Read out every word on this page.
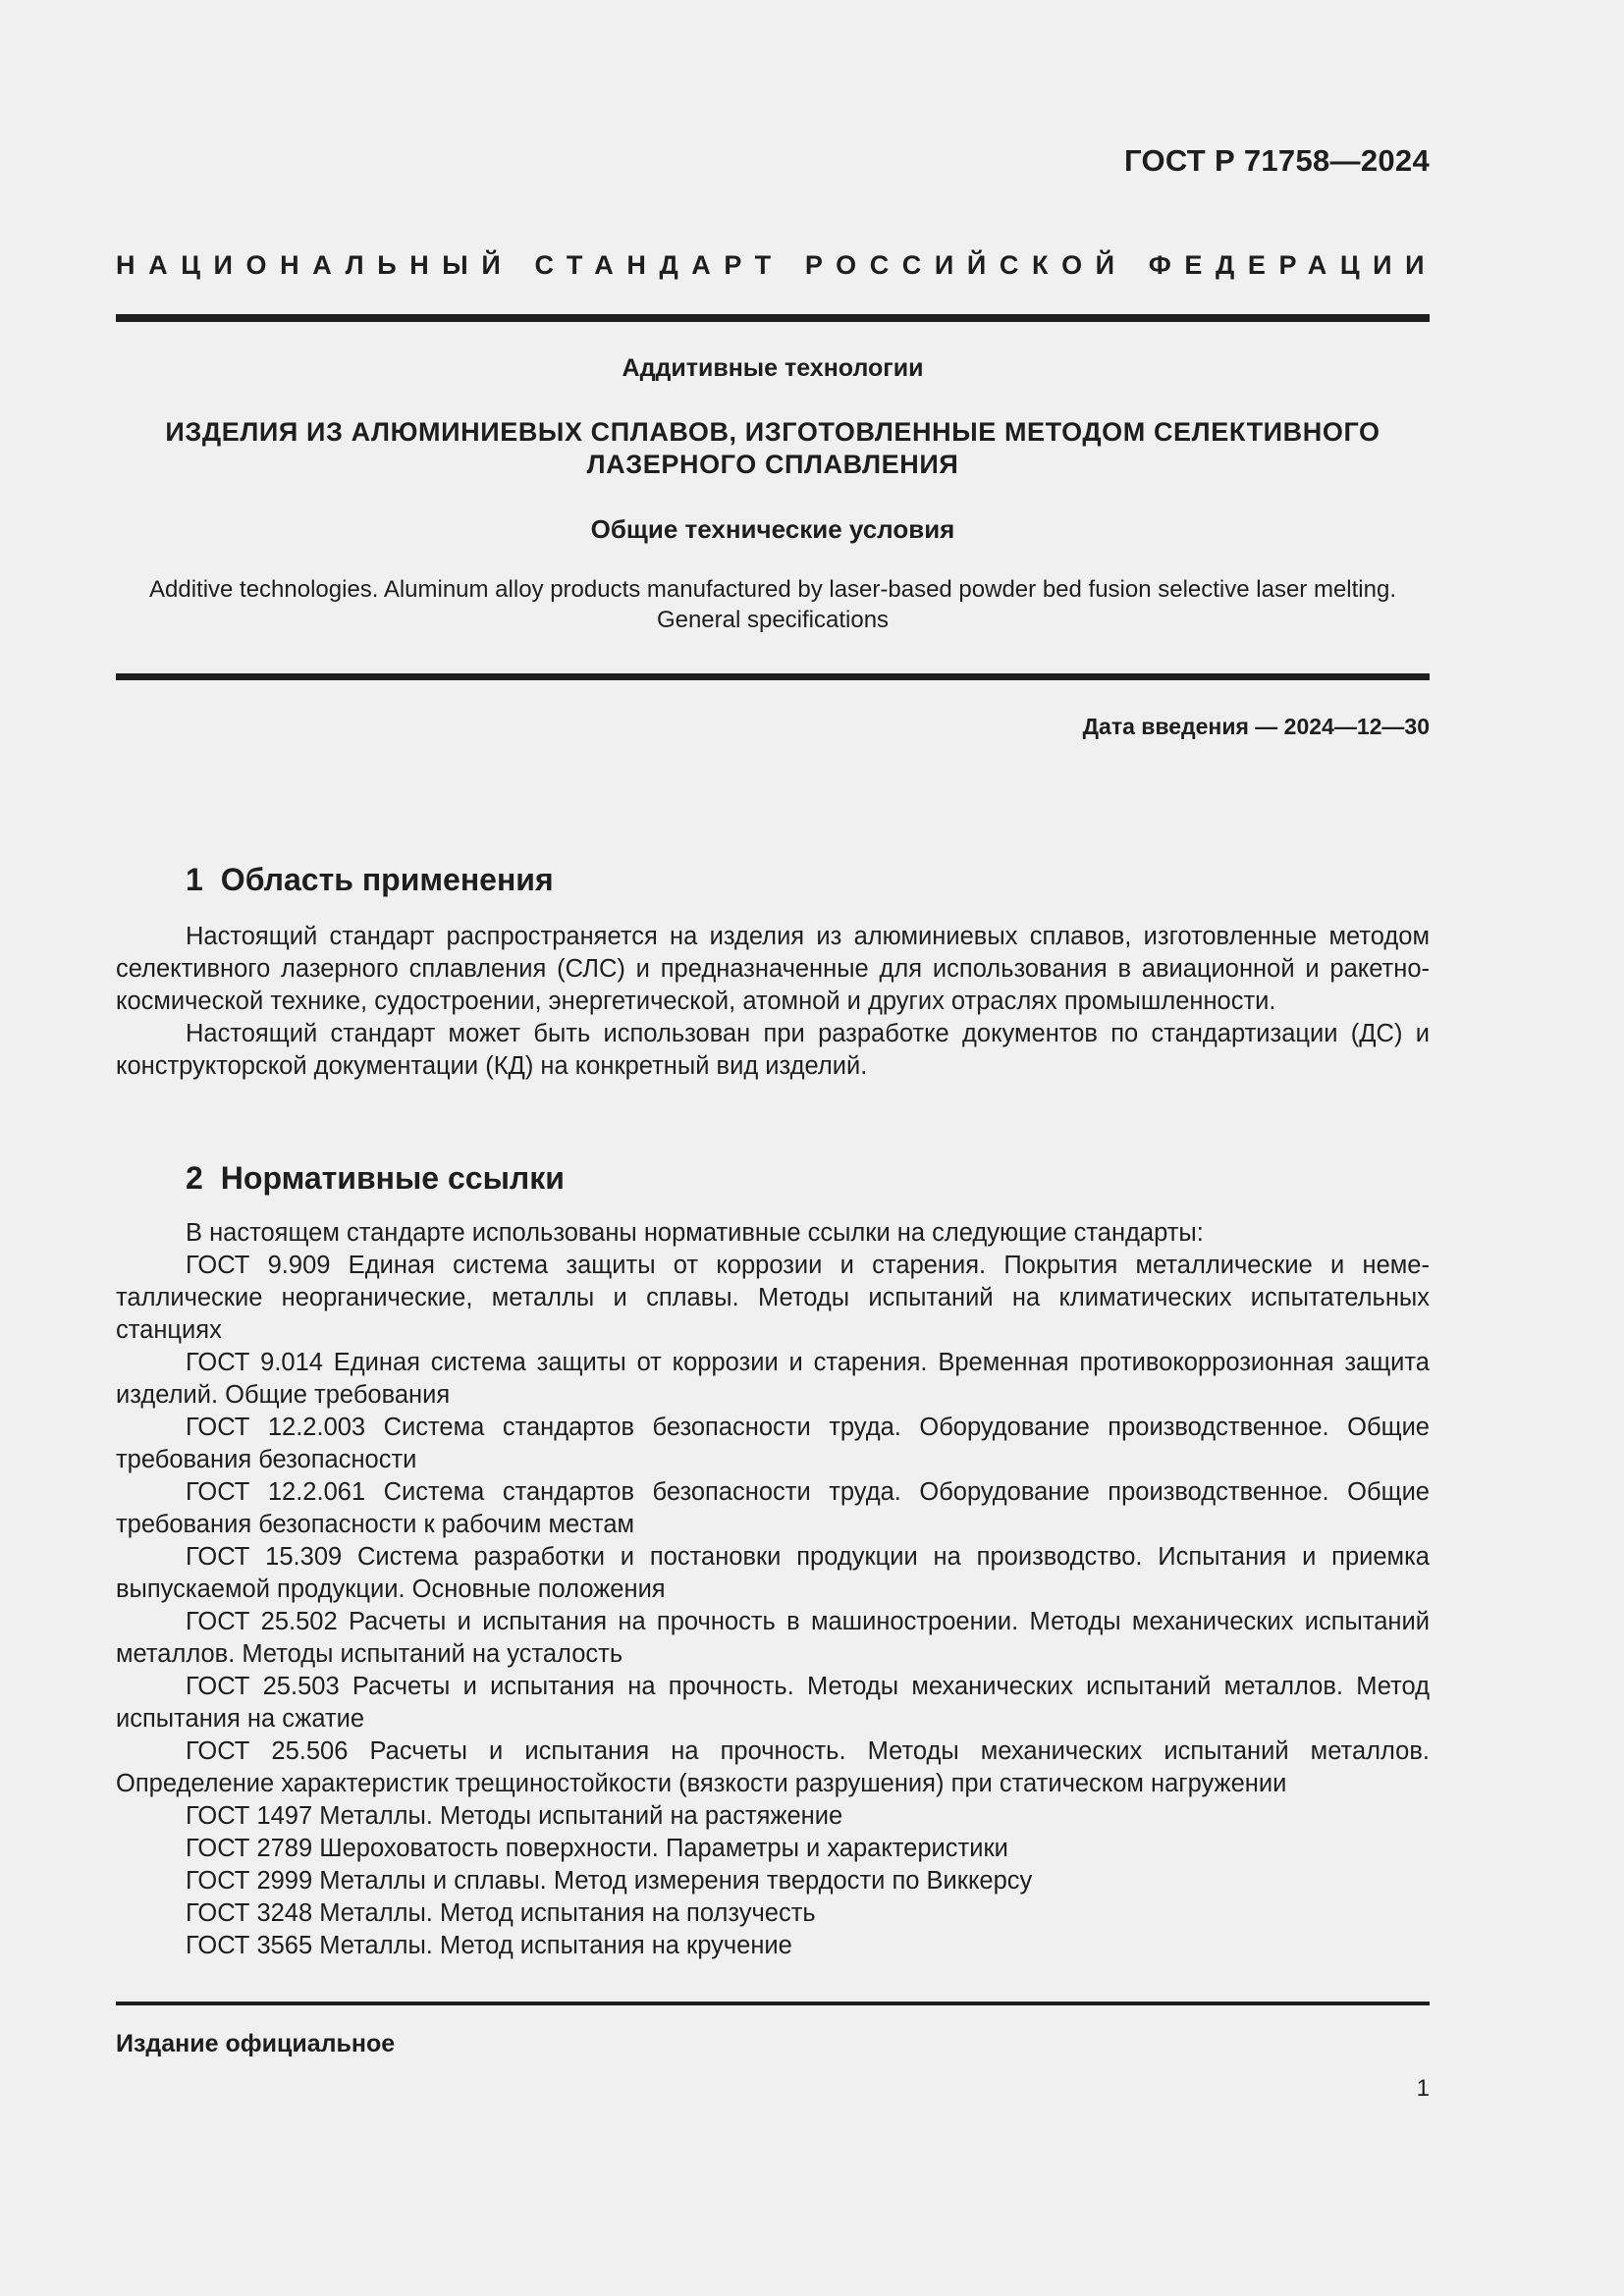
ГОСТ Р 71758—2024
НАЦИОНАЛЬНЫЙ СТАНДАРТ РОССИЙСКОЙ ФЕДЕРАЦИИ
Аддитивные технологии
ИЗДЕЛИЯ ИЗ АЛЮМИНИЕВЫХ СПЛАВОВ, ИЗГОТОВЛЕННЫЕ МЕТОДОМ СЕЛЕКТИВНОГО
ЛАЗЕРНОГО СПЛАВЛЕНИЯ
Общие технические условия
Additive technologies. Aluminum alloy products manufactured by laser-based powder bed fusion selective laser melting.
General specifications
Дата введения — 2024—12—30
1 Область применения

Настоящий стандарт распространяется на изделия из алюминиевых сплавов, изготовленные методом селективного лазерного сплавления (СЛС) и предназначенные для использования в авиационной и ракетно-космической технике, судостроении, энергетической, атомной и других отраслях промышленности.

Настоящий стандарт может быть использован при разработке документов по стандартизации (ДС) и конструкторской документации (КД) на конкретный вид изделий.

2 Нормативные ссылки

В настоящем стандарте использованы нормативные ссылки на следующие стандарты:

ГОСТ 9.909 Единая система защиты от коррозии и старения. Покрытия металлические и неметаллические неорганические, металлы и сплавы. Методы испытаний на климатических испытательных станциях

ГОСТ 9.014 Единая система защиты от коррозии и старения. Временная противокоррозионная защита изделий. Общие требования

ГОСТ 12.2.003 Система стандартов безопасности труда. Оборудование производственное. Общие требования безопасности

ГОСТ 12.2.061 Система стандартов безопасности труда. Оборудование производственное. Общие требования безопасности к рабочим местам

ГОСТ 15.309 Система разработки и постановки продукции на производство. Испытания и приемка выпускаемой продукции. Основные положения

ГОСТ 25.502 Расчеты и испытания на прочность в машиностроении. Методы механических испытаний металлов. Методы испытаний на усталость

ГОСТ 25.503 Расчеты и испытания на прочность. Методы механических испытаний металлов. Метод испытания на сжатие

ГОСТ 25.506 Расчеты и испытания на прочность. Методы механических испытаний металлов. Определение характеристик трещиностойкости (вязкости разрушения) при статическом нагружении

ГОСТ 1497 Металлы. Методы испытаний на растяжение

ГОСТ 2789 Шероховатость поверхности. Параметры и характеристики

ГОСТ 2999 Металлы и сплавы. Метод измерения твердости по Виккерсу

ГОСТ 3248 Металлы. Метод испытания на ползучесть

ГОСТ 3565 Металлы. Метод испытания на кручение

Издание официальное
1
